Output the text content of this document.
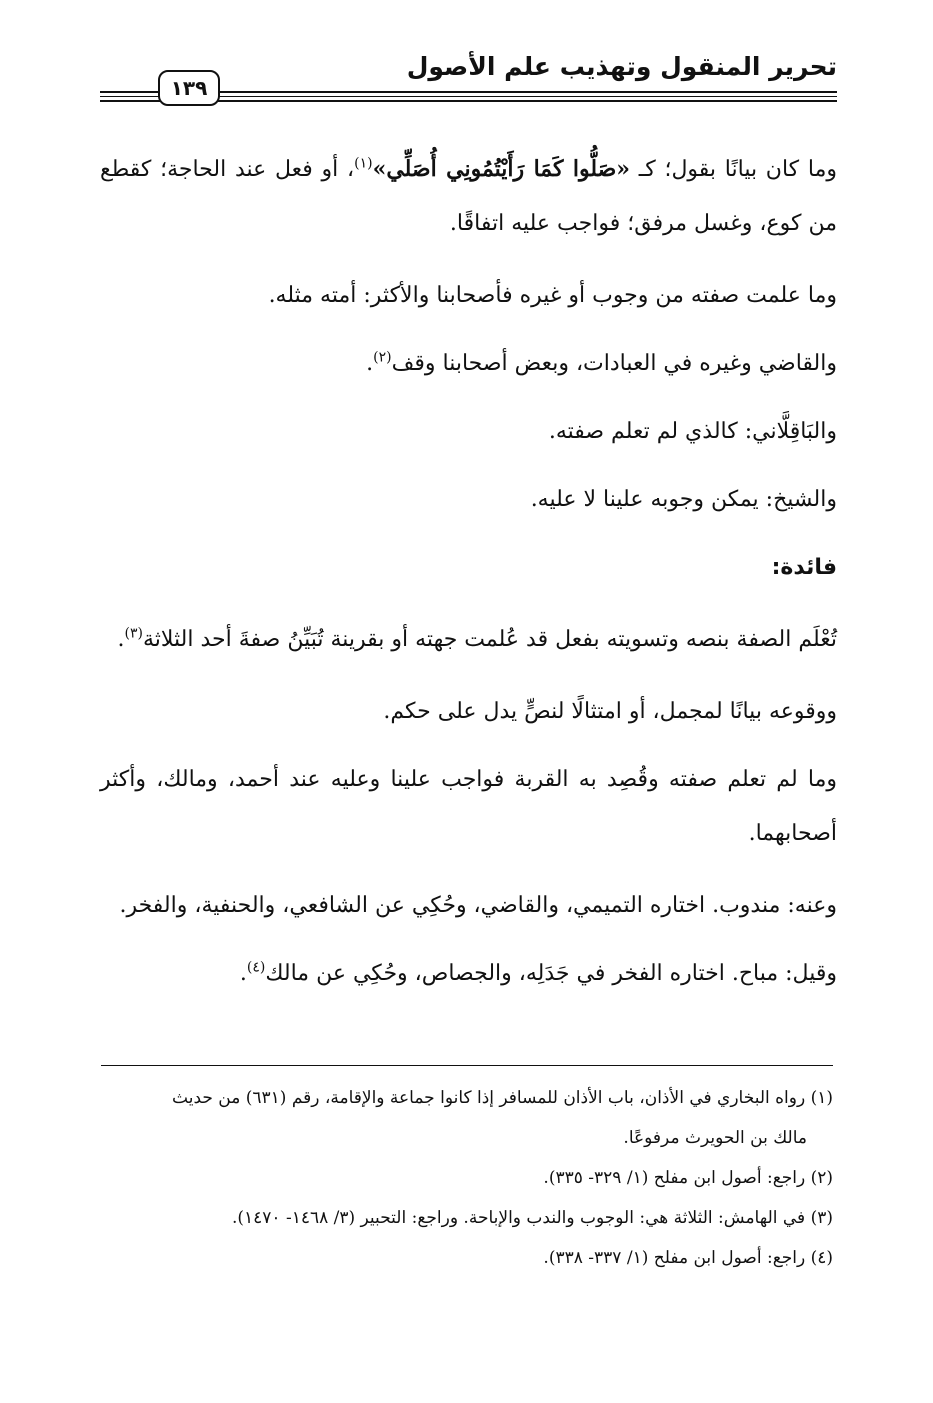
تحرير المنقول وتهذيب علم الأصول
١٣٩

وما كان بيانًا بقول؛ كـ «صَلُّوا كَمَا رَأَيْتُمُونِي أُصَلِّي»$^{(١)}$، أو فعل عند الحاجة؛ كقطع من كوع، وغسل مرفق؛ فواجب عليه اتفاقًا.

وما علمت صفته من وجوب أو غيره فأصحابنا والأكثر: أمته مثله.

والقاضي وغيره في العبادات، وبعض أصحابنا وقف$^{(٢)}$.

والبَاقِلَّاني: كالذي لم تعلم صفته.

والشيخ: يمكن وجوبه علينا لا عليه.

فائدة:

تُعْلَم الصفة بنصه وتسويته بفعل قد عُلمت جهته أو بقرينة تُبَيِّنُ صفةَ أحد الثلاثة$^{(٣)}$.

ووقوعه بيانًا لمجمل، أو امتثالًا لنصٍّ يدل على حكم.

وما لم تعلم صفته وقُصِد به القربة فواجب علينا وعليه عند أحمد، ومالك، وأكثر أصحابهما.

وعنه: مندوب. اختاره التميمي، والقاضي، وحُكِي عن الشافعي، والحنفية، والفخر.

وقيل: مباح. اختاره الفخر في جَدَلِه، والجصاص، وحُكِي عن مالك$^{(٤)}$.

(١) رواه البخاري في الأذان، باب الأذان للمسافر إذا كانوا جماعة والإقامة، رقم (٦٣١) من حديث
مالك بن الحويرث مرفوعًا.

(٢) راجع: أصول ابن مفلح (١/ ٣٢٩- ٣٣٥).

(٣) في الهامش: الثلاثة هي: الوجوب والندب والإباحة. وراجع: التحبير (٣/ ١٤٦٨- ١٤٧٠).

(٤) راجع: أصول ابن مفلح (١/ ٣٣٧- ٣٣٨).
